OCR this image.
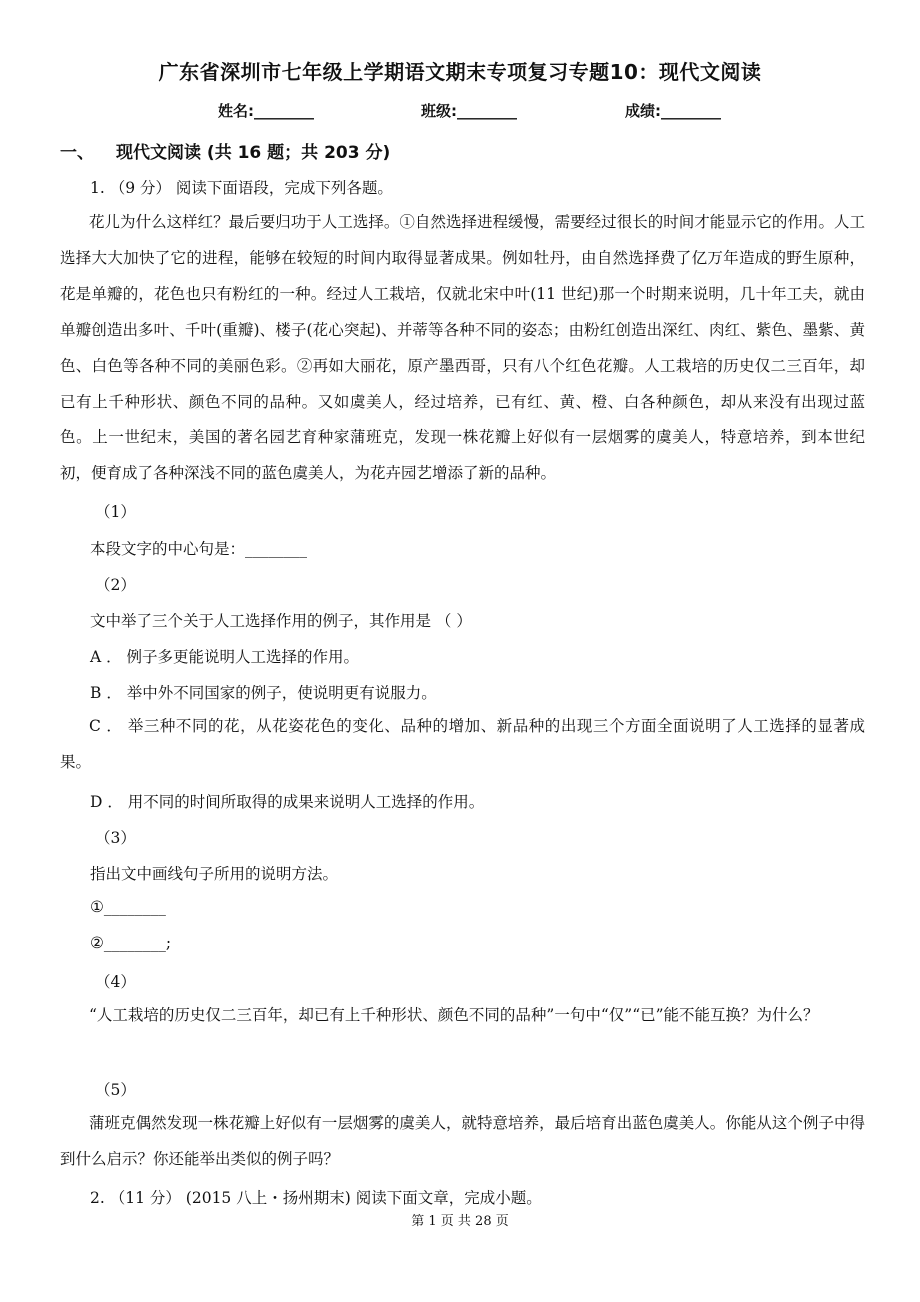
广东省深圳市七年级上学期语文期末专项复习专题10：现代文阅读
姓名:________	班级:________	成绩:________
一、 现代文阅读 (共 16 题；共 203 分)
1. （9 分） 阅读下面语段，完成下列各题。
花儿为什么这样红？最后要归功于人工选择。①自然选择进程缓慢，需要经过很长的时间才能显示它的作用。人工选择大大加快了它的进程，能够在较短的时间内取得显著成果。例如牡丹，由自然选择费了亿万年造成的野生原种，花是单瓣的，花色也只有粉红的一种。经过人工栽培，仅就北宋中叶(11 世纪)那一个时期来说明，几十年工夫，就由单瓣创造出多叶、千叶(重瓣)、楼子(花心突起)、并蒂等各种不同的姿态；由粉红创造出深红、肉红、紫色、墨紫、黄色、白色等各种不同的美丽色彩。②再如大丽花，原产墨西哥，只有八个红色花瓣。人工栽培的历史仅二三百年，却已有上千种形状、颜色不同的品种。又如虞美人，经过培养，已有红、黄、橙、白各种颜色，却从来没有出现过蓝色。上一世纪末，美国的著名园艺育种家蒲班克，发现一株花瓣上好似有一层烟雾的虞美人，特意培养，到本世纪初，便育成了各种深浅不同的蓝色虞美人，为花卉园艺增添了新的品种。
（1）
本段文字的中心句是：________
（2）
文中举了三个关于人工选择作用的例子，其作用是 （ ）
A ． 例子多更能说明人工选择的作用。
B ． 举中外不同国家的例子，使说明更有说服力。
C ． 举三种不同的花，从花姿花色的变化、品种的增加、新品种的出现三个方面全面说明了人工选择的显著成果。
D ． 用不同的时间所取得的成果来说明人工选择的作用。
（3）
指出文中画线句子所用的说明方法。
①________
②________;
（4）
“人工栽培的历史仅二三百年，却已有上千种形状、颜色不同的品种”一句中“仅”“已”能不能互换？为什么？
（5）
蒲班克偶然发现一株花瓣上好似有一层烟雾的虞美人，就特意培养，最后培育出蓝色虞美人。你能从这个例子中得到什么启示？你还能举出类似的例子吗？
2. （11 分） (2015 八上・扬州期末) 阅读下面文章，完成小题。
第 1 页 共 28 页
